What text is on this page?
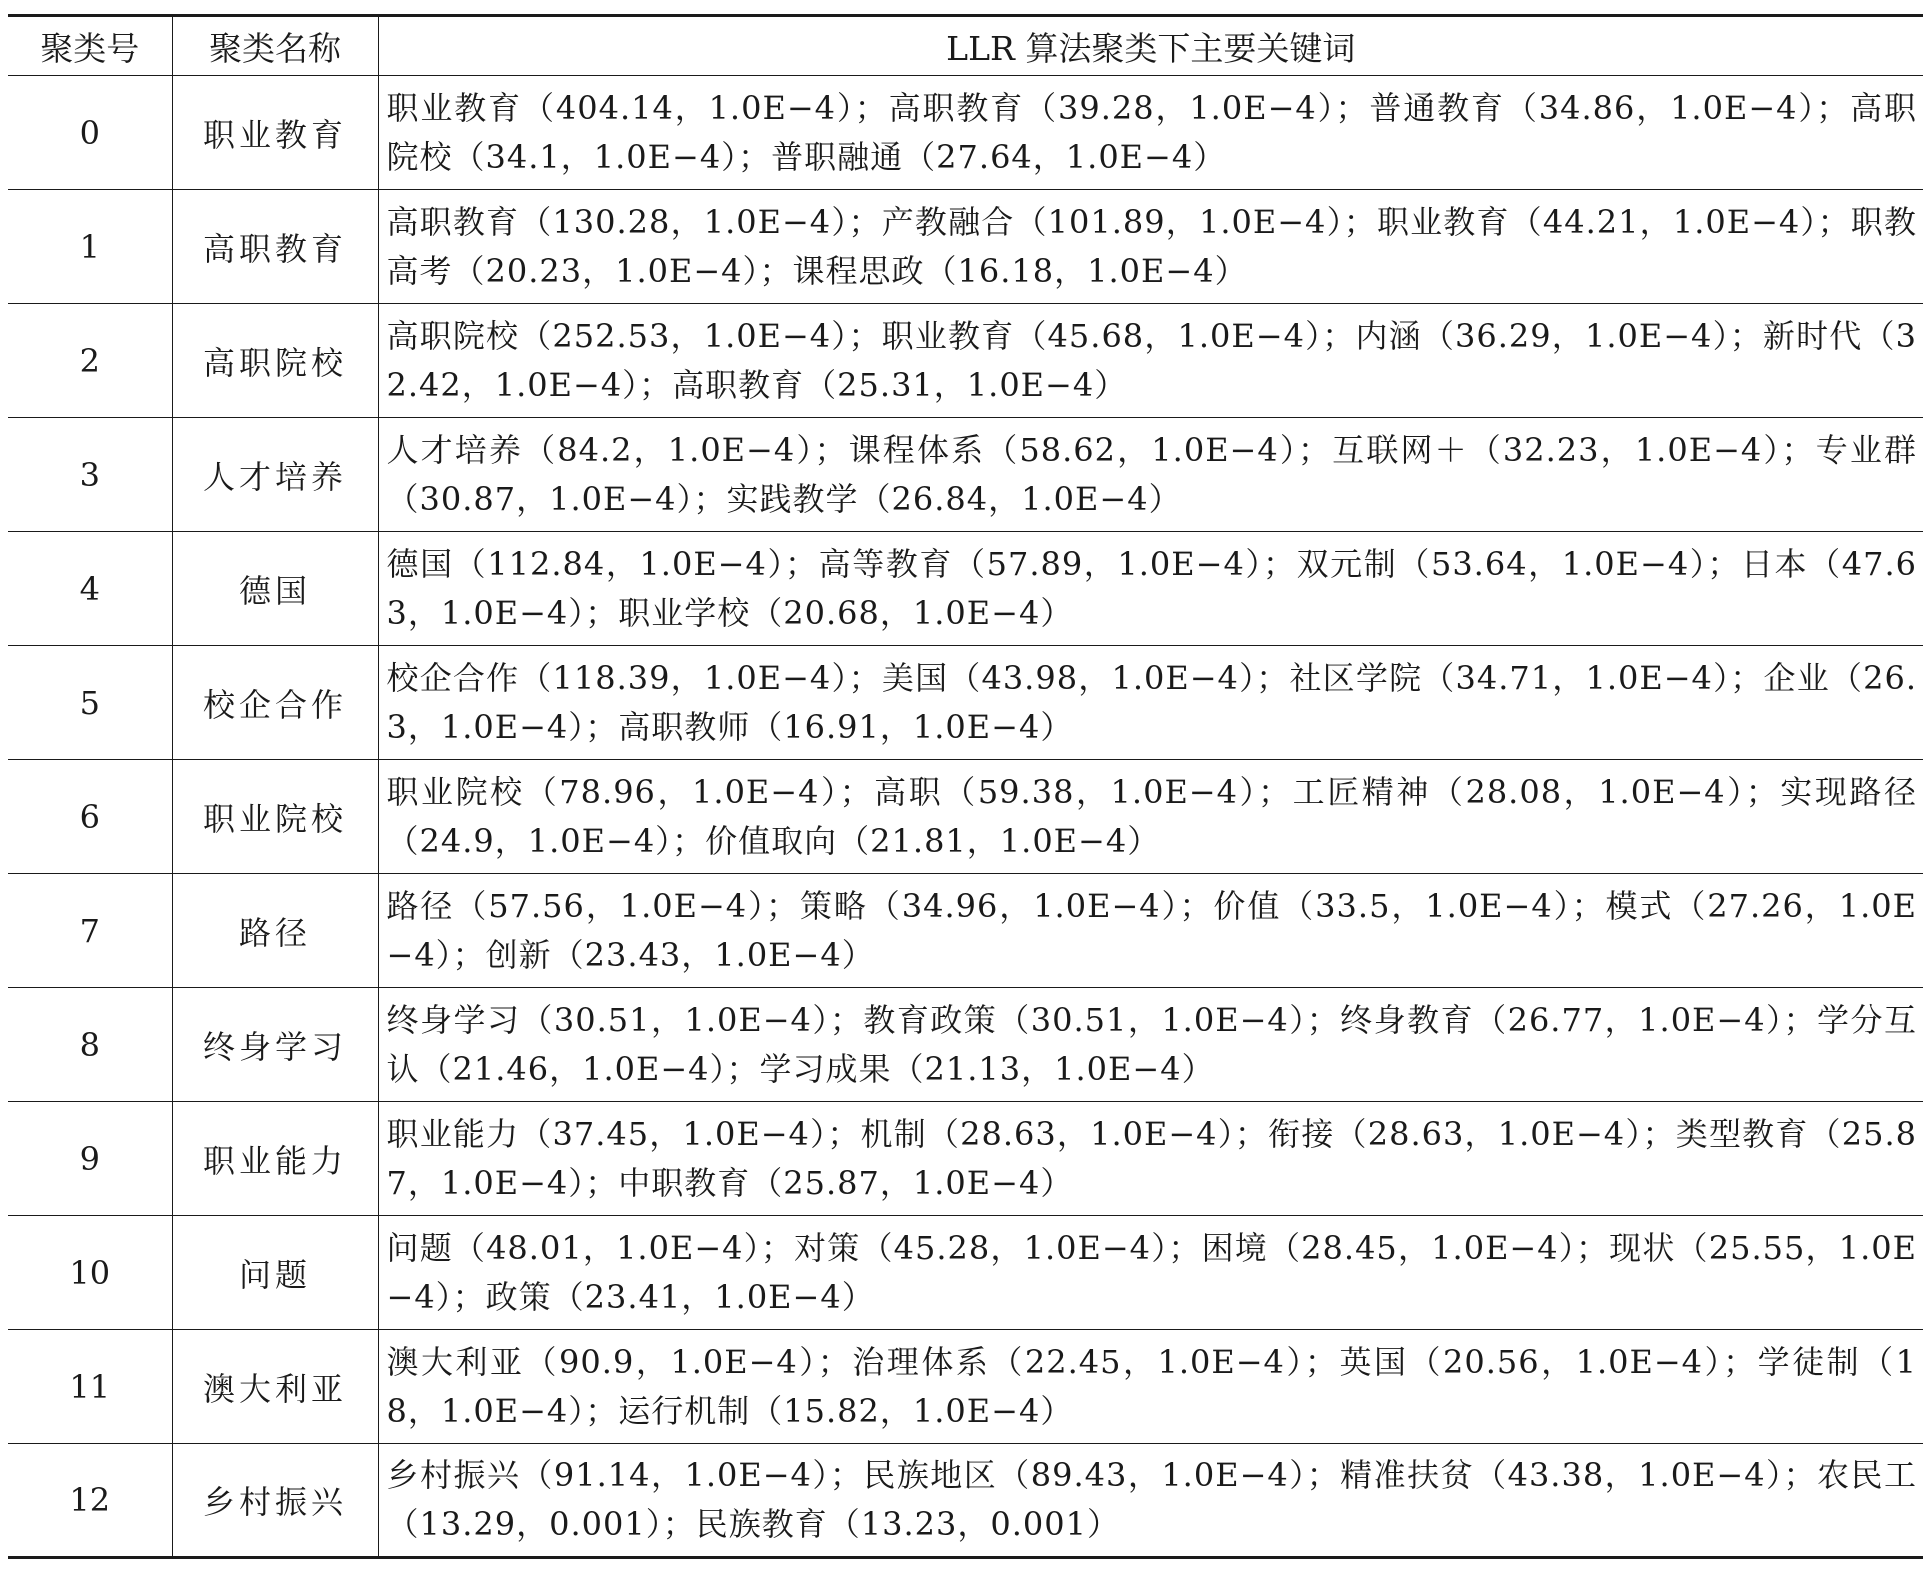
聚类号	聚类名称	LLR 算法聚类下主要关键词
0	职业教育	职业教育（404.14，1.0E−4）；高职教育（39.28，1.0E−4）；普通教育（34.86，1.0E−4）；高职院校（34.1，1.0E−4）；普职融通（27.64，1.0E−4）
1	高职教育	高职教育（130.28，1.0E−4）；产教融合（101.89，1.0E−4）；职业教育（44.21，1.0E−4）；职教高考（20.23，1.0E−4）；课程思政（16.18，1.0E−4）
2	高职院校	高职院校（252.53，1.0E−4）；职业教育（45.68，1.0E−4）；内涵（36.29，1.0E−4）；新时代（32.42，1.0E−4）；高职教育（25.31，1.0E−4）
3	人才培养	人才培养（84.2，1.0E−4）；课程体系（58.62，1.0E−4）；互联网＋（32.23，1.0E−4）；专业群（30.87，1.0E−4）；实践教学（26.84，1.0E−4）
4	德国	德国（112.84，1.0E−4）；高等教育（57.89，1.0E−4）；双元制（53.64，1.0E−4）；日本（47.63，1.0E−4）；职业学校（20.68，1.0E−4）
5	校企合作	校企合作（118.39，1.0E−4）；美国（43.98，1.0E−4）；社区学院（34.71，1.0E−4）；企业（26.3，1.0E−4）；高职教师（16.91，1.0E−4）
6	职业院校	职业院校（78.96，1.0E−4）；高职（59.38，1.0E−4）；工匠精神（28.08，1.0E−4）；实现路径（24.9，1.0E−4）；价值取向（21.81，1.0E−4）
7	路径	路径（57.56，1.0E−4）；策略（34.96，1.0E−4）；价值（33.5，1.0E−4）；模式（27.26，1.0E−4）；创新（23.43，1.0E−4）
8	终身学习	终身学习（30.51，1.0E−4）；教育政策（30.51，1.0E−4）；终身教育（26.77，1.0E−4）；学分互认（21.46，1.0E−4）；学习成果（21.13，1.0E−4）
9	职业能力	职业能力（37.45，1.0E−4）；机制（28.63，1.0E−4）；衔接（28.63，1.0E−4）；类型教育（25.87，1.0E−4）；中职教育（25.87，1.0E−4）
10	问题	问题（48.01，1.0E−4）；对策（45.28，1.0E−4）；困境（28.45，1.0E−4）；现状（25.55，1.0E−4）；政策（23.41，1.0E−4）
11	澳大利亚	澳大利亚（90.9，1.0E−4）；治理体系（22.45，1.0E−4）；英国（20.56，1.0E−4）；学徒制（18，1.0E−4）；运行机制（15.82，1.0E−4）
12	乡村振兴	乡村振兴（91.14，1.0E−4）；民族地区（89.43，1.0E−4）；精准扶贫（43.38，1.0E−4）；农民工（13.29，0.001）；民族教育（13.23，0.001）
